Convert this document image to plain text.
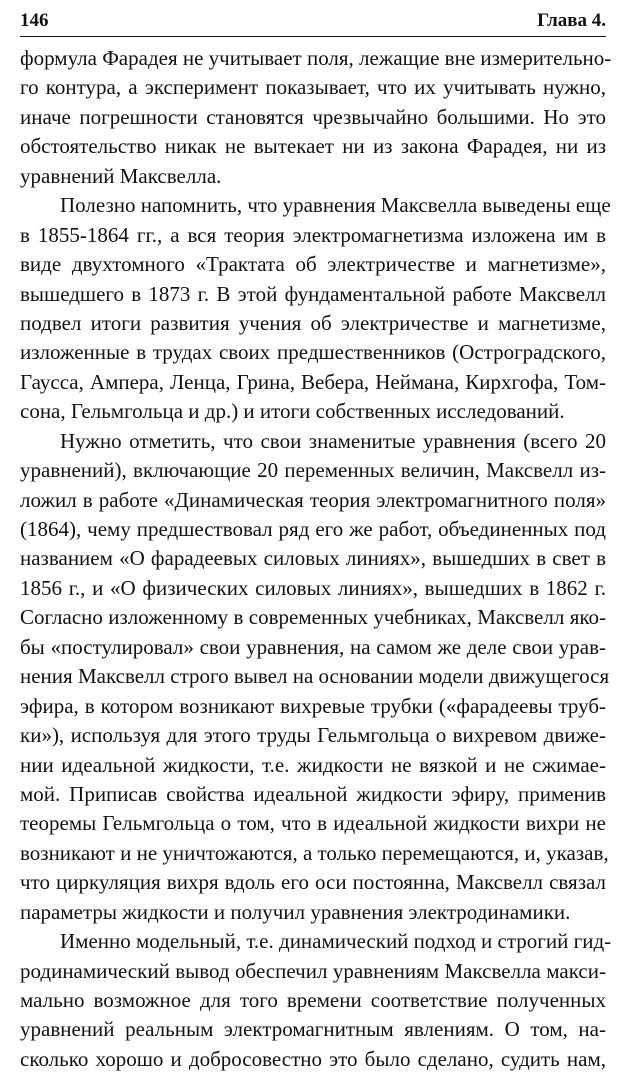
146	Глава 4.
формула Фарадея не учитывает поля, лежащие вне измерительно-
го контура, а эксперимент показывает, что их учитывать нужно,
иначе погрешности становятся чрезвычайно большими. Но это
обстоятельство никак не вытекает ни из закона Фарадея, ни из
уравнений Максвелла.
Полезно напомнить, что уравнения Максвелла выведены еще
в 1855-1864 гг., а вся теория электромагнетизма изложена им в
виде двухтомного «Трактата об электричестве и магнетизме»,
вышедшего в 1873 г. В этой фундаментальной работе Максвелл
подвел итоги развития учения об электричестве и магнетизме,
изложенные в трудах своих предшественников (Остроградского,
Гаусса, Ампера, Ленца, Грина, Вебера, Неймана, Кирхгофа, Том-
сона, Гельмгольца и др.) и итоги собственных исследований.
Нужно отметить, что свои знаменитые уравнения (всего 20
уравнений), включающие 20 переменных величин, Максвелл из-
ложил в работе «Динамическая теория электромагнитного поля»
(1864), чему предшествовал ряд его же работ, объединенных под
названием «О фарадеевых силовых линиях», вышедших в свет в
1856 г., и «О физических силовых линиях», вышедших в 1862 г.
Согласно изложенному в современных учебниках, Максвелл яко-
бы «постулировал» свои уравнения, на самом же деле свои урав-
нения Максвелл строго вывел на основании модели движущегося
эфира, в котором возникают вихревые трубки («фарадеевы труб-
ки»), используя для этого труды Гельмгольца о вихревом движе-
нии идеальной жидкости, т.е. жидкости не вязкой и не сжимае-
мой. Приписав свойства идеальной жидкости эфиру, применив
теоремы Гельмгольца о том, что в идеальной жидкости вихри не
возникают и не уничтожаются, а только перемещаются, и, указав,
что циркуляция вихря вдоль его оси постоянна, Максвелл связал
параметры жидкости и получил уравнения электродинамики.
Именно модельный, т.е. динамический подход и строгий гид-
родинамический вывод обеспечил уравнениям Максвелла макси-
мально возможное для того времени соответствие полученных
уравнений реальным электромагнитным явлениям. О том, на-
сколько хорошо и добросовестно это было сделано, судить нам,
